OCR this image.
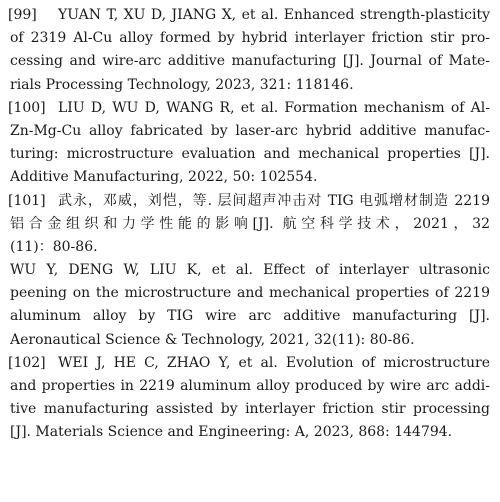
[99] YUAN T, XU D, JIANG X, et al. Enhanced strength-plasticity
of 2319 Al-Cu alloy formed by hybrid interlayer friction stir pro-
cessing and wire-arc additive manufacturing [J]. Journal of Mate-
rials Processing Technology, 2023, 321: 118146.
[100] LIU D, WU D, WANG R, et al. Formation mechanism of Al-
Zn-Mg-Cu alloy fabricated by laser-arc hybrid additive manufac-
turing: microstructure evaluation and mechanical properties [J].
Additive Manufacturing, 2022, 50: 102554.
[101] 武永，邓威，刘恺，等. 层间超声冲击对 TIG 电弧增材制造 2219
铝合金组织和力学性能的影响[J]. 航空科学技术，2021，32
(11)：80-86.
WU Y, DENG W, LIU K, et al. Effect of interlayer ultrasonic
peening on the microstructure and mechanical properties of 2219
aluminum alloy by TIG wire arc additive manufacturing [J].
Aeronautical Science & Technology, 2021, 32(11): 80-86.
[102] WEI J, HE C, ZHAO Y, et al. Evolution of microstructure
and properties in 2219 aluminum alloy produced by wire arc addi-
tive manufacturing assisted by interlayer friction stir processing
[J]. Materials Science and Engineering: A, 2023, 868: 144794.
